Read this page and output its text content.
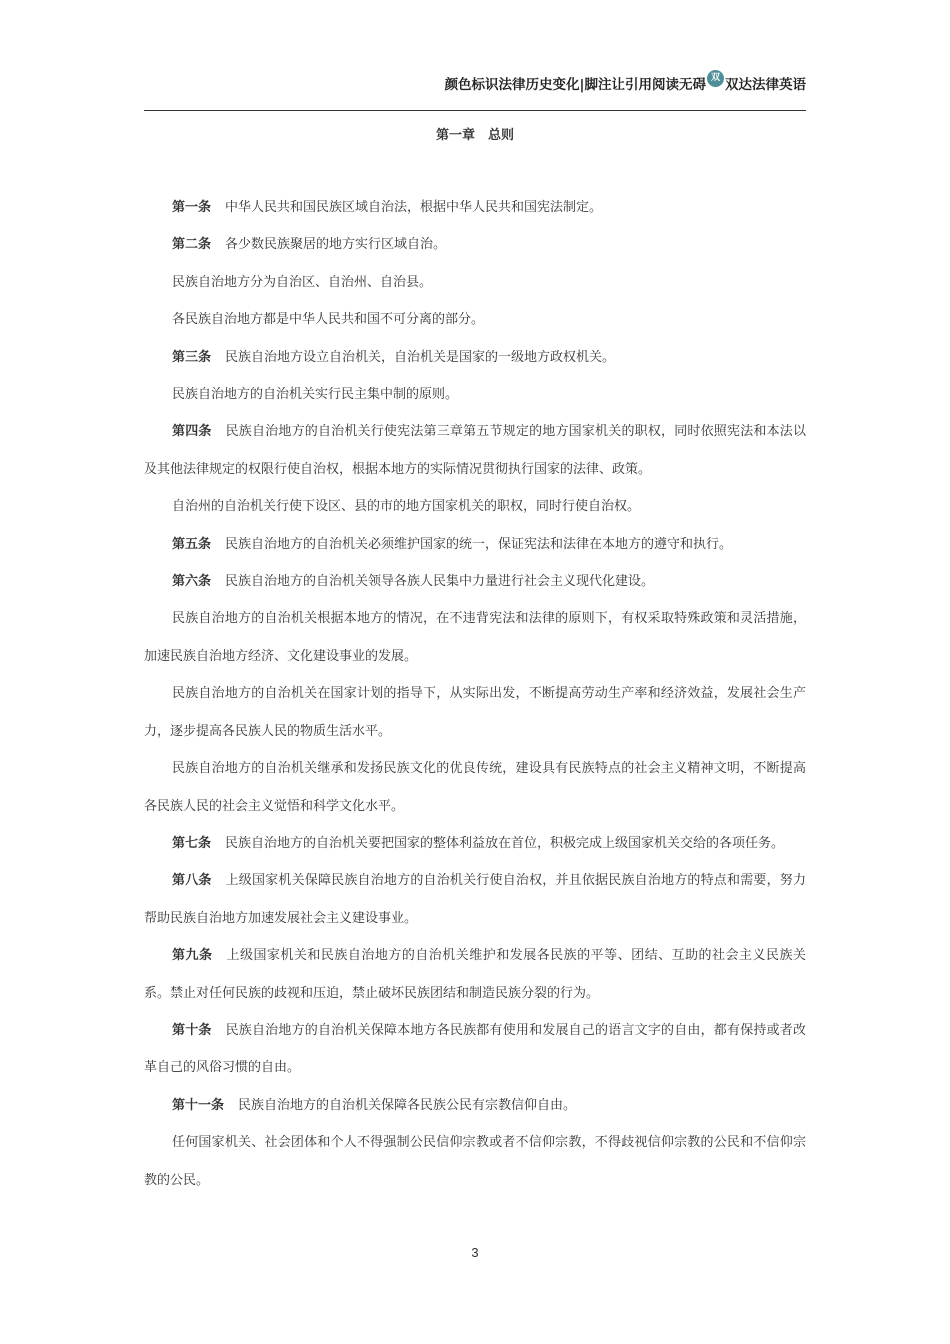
颜色标识法律历史变化|脚注让引用阅读无碍 双 双达法律英语
第一章　总则

第一条 中华人民共和国民族区域自治法，根据中华人民共和国宪法制定。

第二条 各少数民族聚居的地方实行区域自治。

民族自治地方分为自治区、自治州、自治县。

各民族自治地方都是中华人民共和国不可分离的部分。

第三条 民族自治地方设立自治机关，自治机关是国家的一级地方政权机关。

民族自治地方的自治机关实行民主集中制的原则。

第四条 民族自治地方的自治机关行使宪法第三章第五节规定的地方国家机关的职权，同时依照宪法和本法以及其他法律规定的权限行使自治权，根据本地方的实际情况贯彻执行国家的法律、政策。

自治州的自治机关行使下设区、县的市的地方国家机关的职权，同时行使自治权。

第五条 民族自治地方的自治机关必须维护国家的统一，保证宪法和法律在本地方的遵守和执行。

第六条 民族自治地方的自治机关领导各族人民集中力量进行社会主义现代化建设。

民族自治地方的自治机关根据本地方的情况，在不违背宪法和法律的原则下，有权采取特殊政策和灵活措施，加速民族自治地方经济、文化建设事业的发展。

民族自治地方的自治机关在国家计划的指导下，从实际出发，不断提高劳动生产率和经济效益，发展社会生产力，逐步提高各民族人民的物质生活水平。

民族自治地方的自治机关继承和发扬民族文化的优良传统，建设具有民族特点的社会主义精神文明，不断提高各民族人民的社会主义觉悟和科学文化水平。

第七条 民族自治地方的自治机关要把国家的整体利益放在首位，积极完成上级国家机关交给的各项任务。

第八条 上级国家机关保障民族自治地方的自治机关行使自治权，并且依据民族自治地方的特点和需要，努力帮助民族自治地方加速发展社会主义建设事业。

第九条 上级国家机关和民族自治地方的自治机关维护和发展各民族的平等、团结、互助的社会主义民族关系。禁止对任何民族的歧视和压迫，禁止破坏民族团结和制造民族分裂的行为。

第十条 民族自治地方的自治机关保障本地方各民族都有使用和发展自己的语言文字的自由，都有保持或者改革自己的风俗习惯的自由。

第十一条 民族自治地方的自治机关保障各民族公民有宗教信仰自由。

任何国家机关、社会团体和个人不得强制公民信仰宗教或者不信仰宗教，不得歧视信仰宗教的公民和不信仰宗教的公民。

3
